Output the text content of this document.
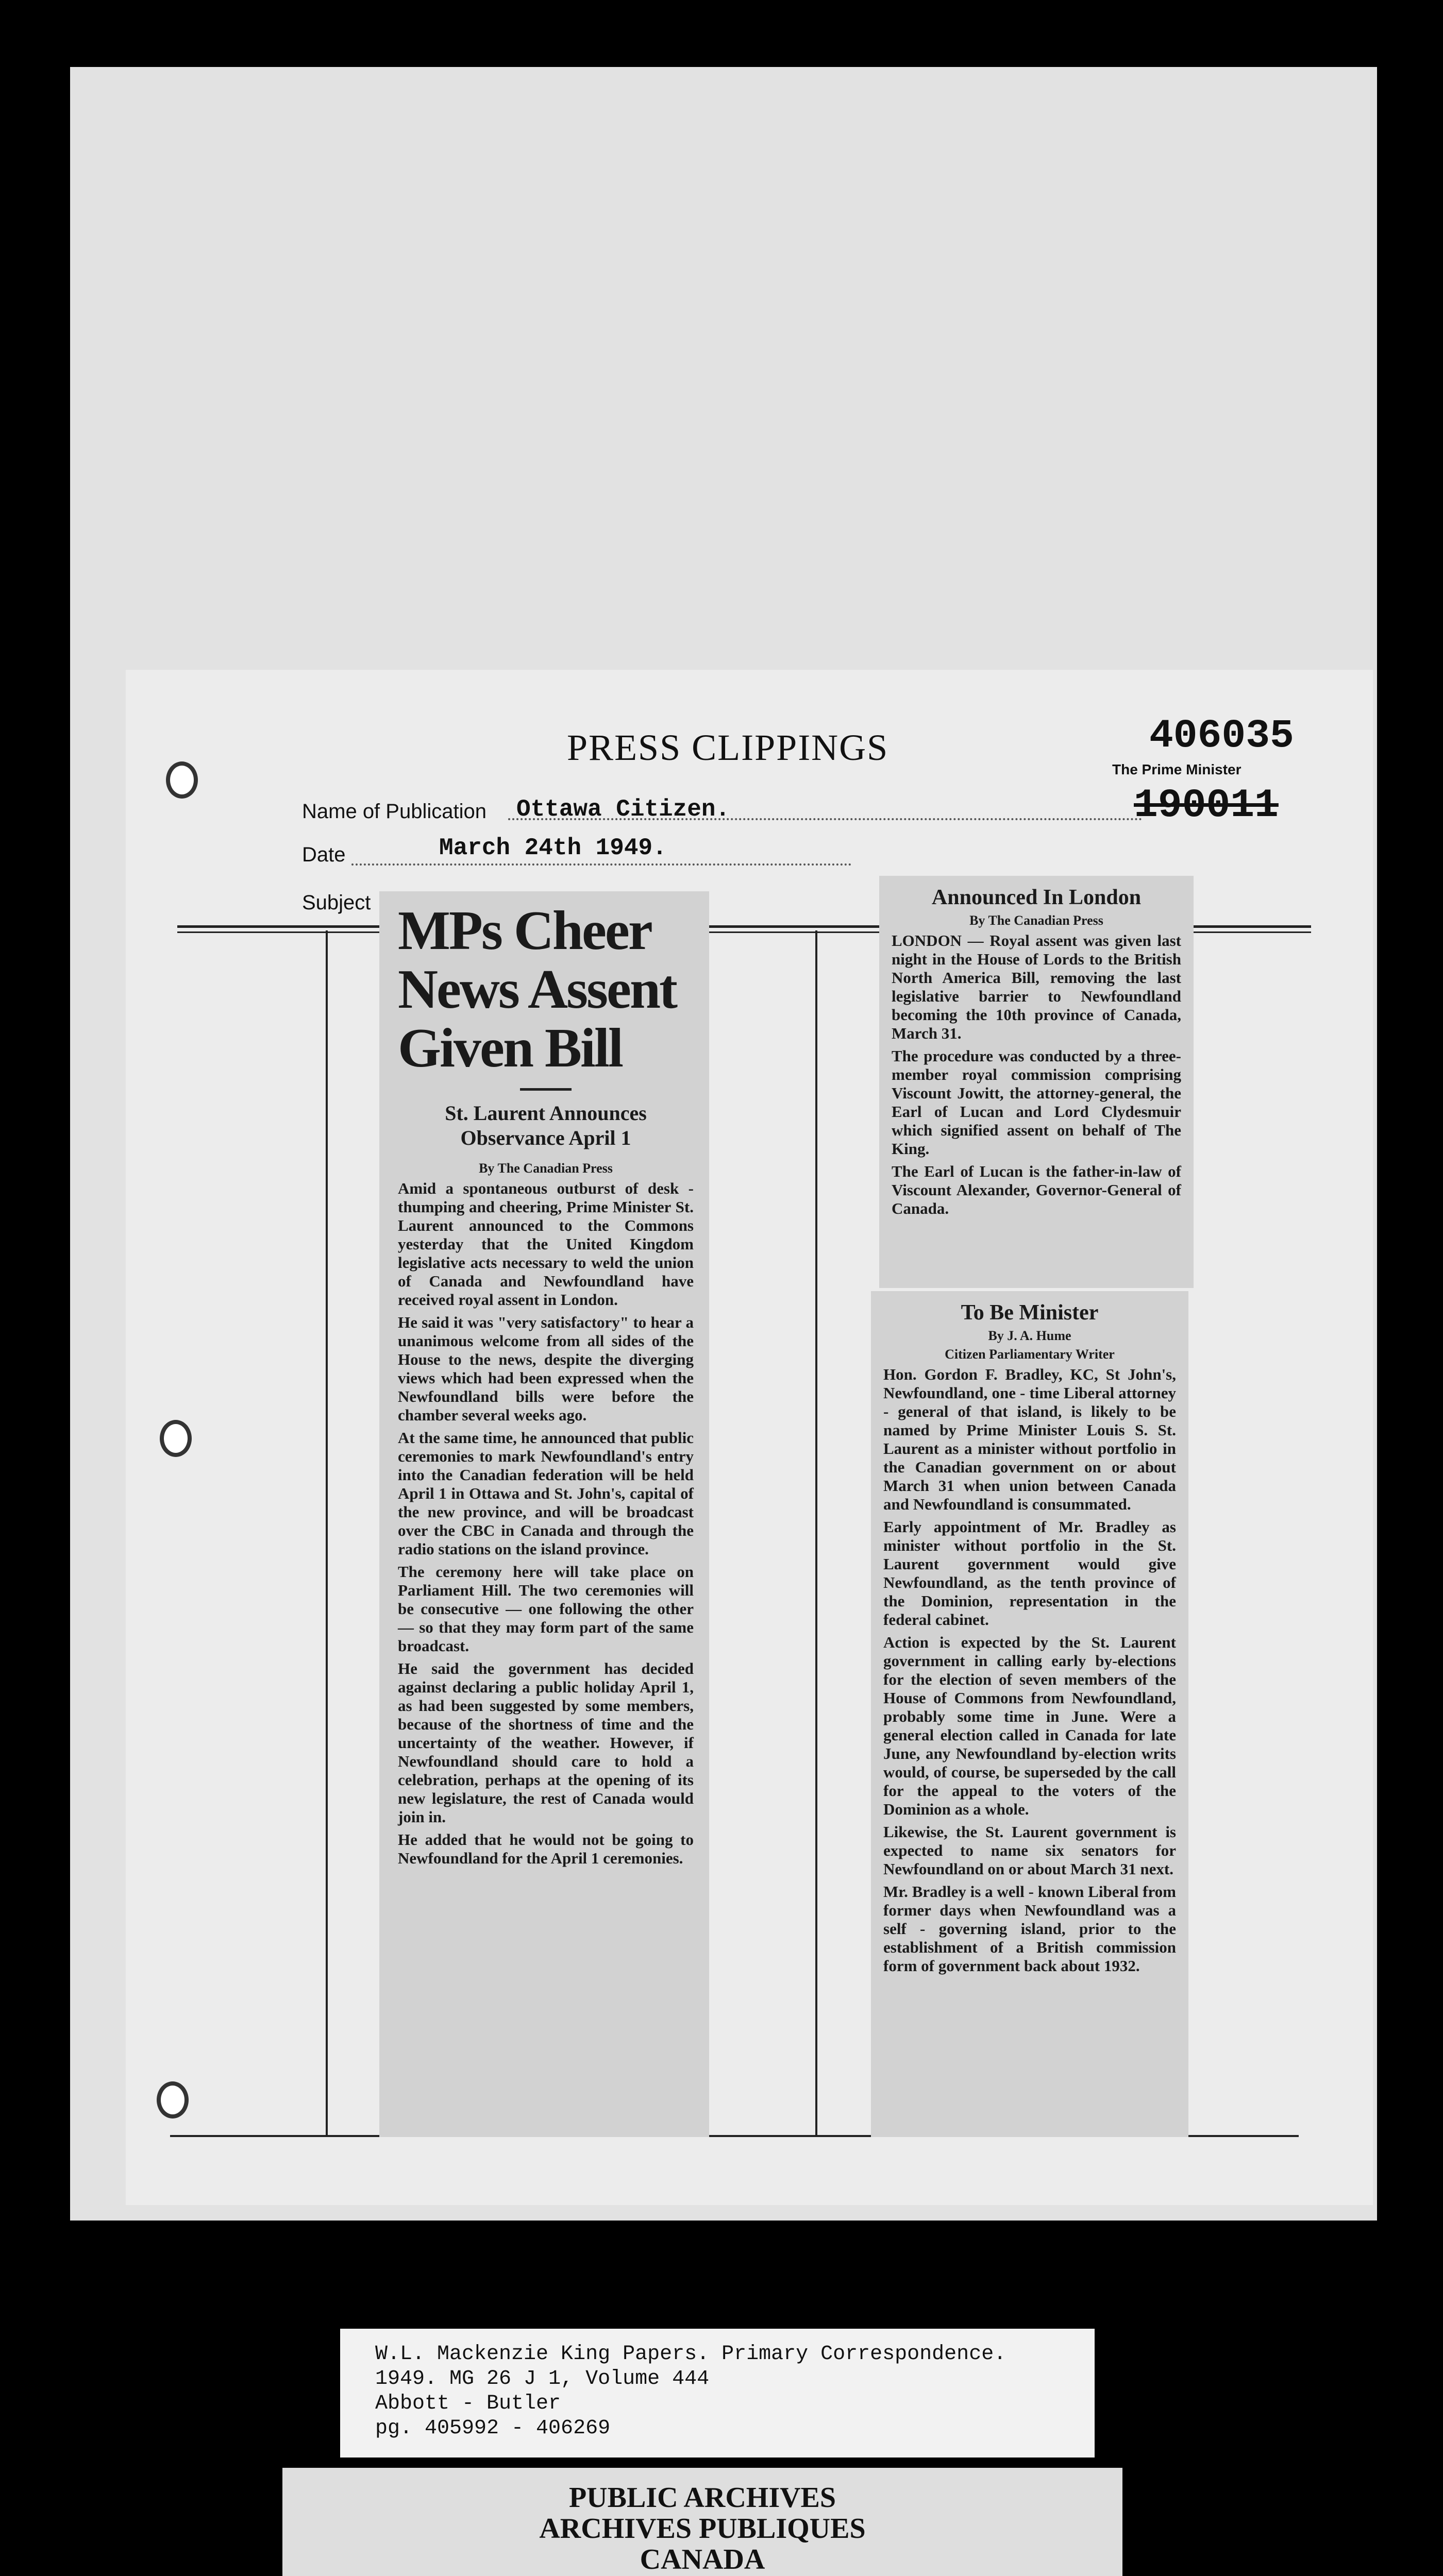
PRESS CLIPPINGS	406035
The Prime Minister
190011
Name of Publication Ottawa Citizen.
Date	March 24th 1949.
Subject MPs Cheer
News Assent
Given Bill
St. Laurent Announces Observance April 1
By The Canadian Press

Amid a spontaneous outburst of desk - thumping and cheering, Prime Minister St. Laurent announced to the Commons yesterday that the United Kingdom legislative acts necessary to weld the union of Canada and Newfoundland have received royal assent in London.

He said it was "very satisfactory" to hear a unanimous welcome from all sides of the House to the news, despite the diverging views which had been expressed when the Newfoundland bills were before the chamber several weeks ago.

At the same time, he announced that public ceremonies to mark Newfoundland's entry into the Canadian federation will be held April 1 in Ottawa and St. John's, capital of the new province, and will be broadcast over the CBC in Canada and through the radio stations on the island province.

The ceremony here will take place on Parliament Hill. The two ceremonies will be consecutive — one following the other — so that they may form part of the same broadcast.

He said the government has decided against declaring a public holiday April 1, as had been suggested by some members, because of the shortness of time and the uncertainty of the weather. However, if Newfoundland should care to hold a celebration, perhaps at the opening of its new legislature, the rest of Canada would join in.

He added that he would not be going to Newfoundland for the April 1 ceremonies.

Announced In London
By The Canadian Press

LONDON — Royal assent was given last night in the House of Lords to the British North America Bill, removing the last legislative barrier to Newfoundland becoming the 10th province of Canada, March 31.

The procedure was conducted by a three-member royal commission comprising Viscount Jowitt, the attorney-general, the Earl of Lucan and Lord Clydesmuir which signified assent on behalf of The King.

The Earl of Lucan is the father-in-law of Viscount Alexander, Governor-General of Canada.

To Be Minister
By J. A. Hume
Citizen Parliamentary Writer

Hon. Gordon F. Bradley, KC, St John's, Newfoundland, one - time Liberal attorney - general of that island, is likely to be named by Prime Minister Louis S. St. Laurent as a minister without portfolio in the Canadian government on or about March 31 when union between Canada and Newfoundland is consummated.

Early appointment of Mr. Bradley as minister without portfolio in the St. Laurent government would give Newfoundland, as the tenth province of the Dominion, representation in the federal cabinet.

Action is expected by the St. Laurent government in calling early by-elections for the election of seven members of the House of Commons from Newfoundland, probably some time in June. Were a general election called in Canada for late June, any Newfoundland by-election writs would, of course, be superseded by the call for the appeal to the voters of the Dominion as a whole.

Likewise, the St. Laurent government is expected to name six senators for Newfoundland on or about March 31 next.

Mr. Bradley is a well - known Liberal from former days when Newfoundland was a self - governing island, prior to the establishment of a British commission form of government back about 1932.

W.L. Mackenzie King Papers. Primary Correspondence.
1949. MG 26 J 1, Volume 444
Abbott - Butler
pg. 405992 - 406269
PUBLIC ARCHIVES
ARCHIVES PUBLIQUES
CANADA
